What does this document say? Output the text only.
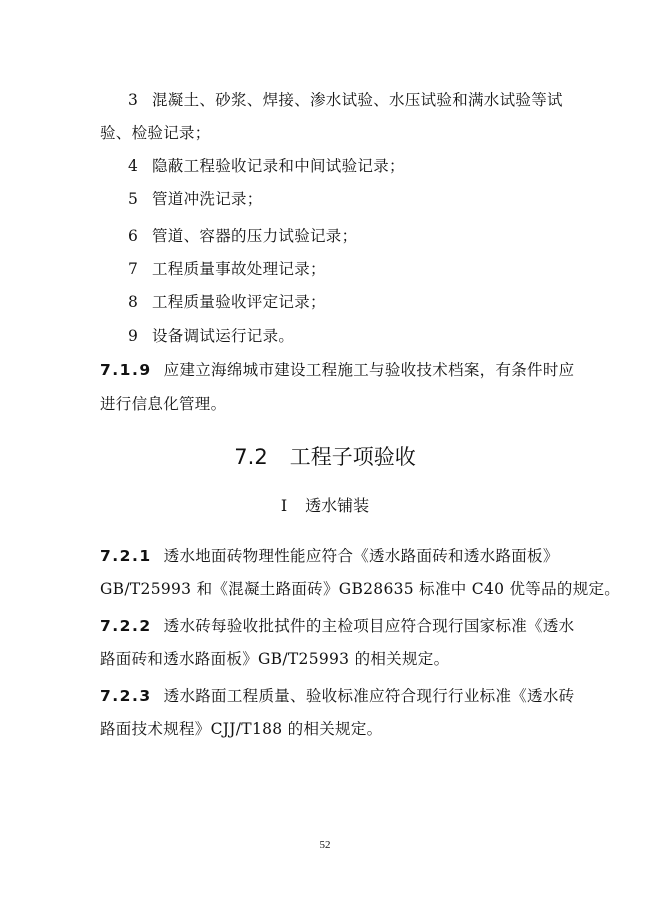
3 混凝土、砂浆、焊接、渗水试验、水压试验和满水试验等试
验、检验记录；
4 隐蔽工程验收记录和中间试验记录；
5 管道冲洗记录；
6 管道、容器的压力试验记录；
7 工程质量事故处理记录；
8 工程质量验收评定记录；
9 设备调试运行记录。
7.1.9 应建立海绵城市建设工程施工与验收技术档案，有条件时应
进行信息化管理。
7.2 工程子项验收
I 透水铺装
7.2.1 透水地面砖物理性能应符合《透水路面砖和透水路面板》
GB/T25993 和《混凝土路面砖》GB28635 标准中 C40 优等品的规定。
7.2.2 透水砖每验收批拭件的主检项目应符合现行国家标准《透水
路面砖和透水路面板》GB/T25993 的相关规定。
7.2.3 透水路面工程质量、验收标准应符合现行行业标准《透水砖
路面技术规程》CJJ/T188 的相关规定。
52
